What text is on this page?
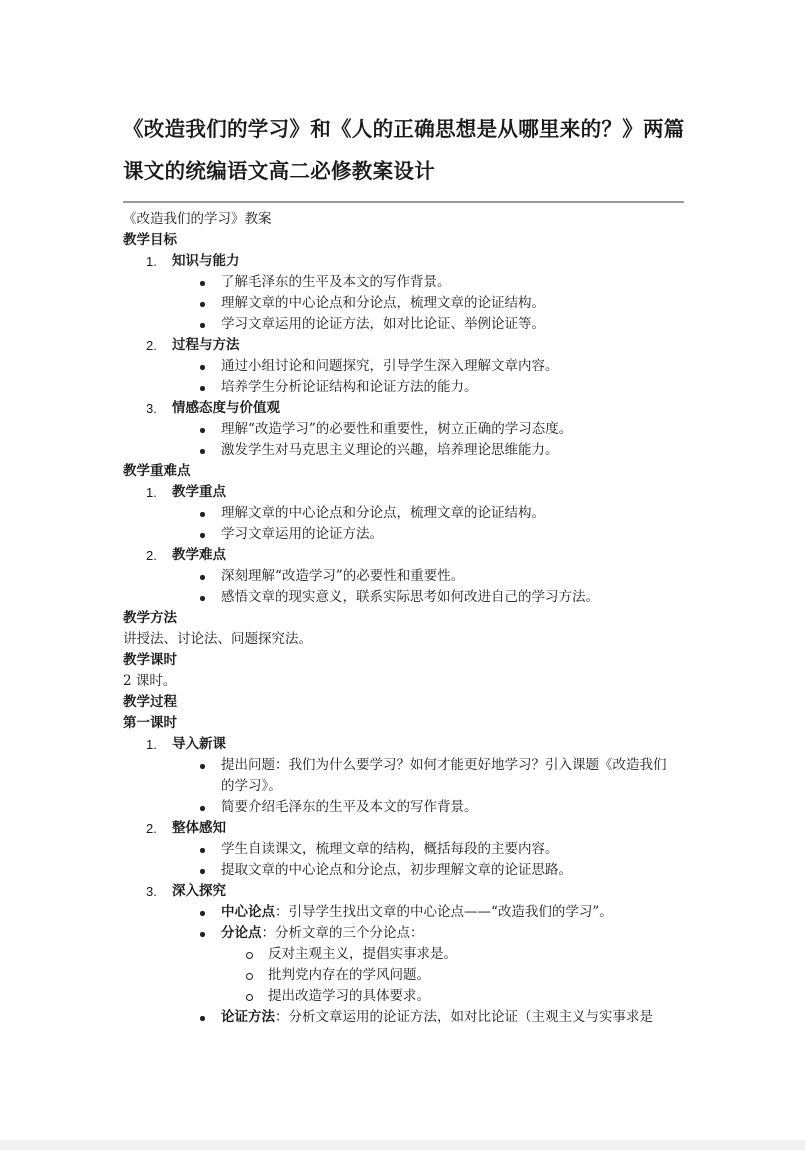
《改造我们的学习》和《人的正确思想是从哪里来的？》两篇课文的统编语文高二必修教案设计
《改造我们的学习》教案
教学目标
1. 知识与能力
了解毛泽东的生平及本文的写作背景。
理解文章的中心论点和分论点，梳理文章的论证结构。
学习文章运用的论证方法，如对比论证、举例论证等。
2. 过程与方法
通过小组讨论和问题探究，引导学生深入理解文章内容。
培养学生分析论证结构和论证方法的能力。
3. 情感态度与价值观
理解“改造学习”的必要性和重要性，树立正确的学习态度。
激发学生对马克思主义理论的兴趣，培养理论思维能力。
教学重难点
1. 教学重点
理解文章的中心论点和分论点，梳理文章的论证结构。
学习文章运用的论证方法。
2. 教学难点
深刻理解“改造学习”的必要性和重要性。
感悟文章的现实意义，联系实际思考如何改进自己的学习方法。
教学方法
讲授法、讨论法、问题探究法。
教学课时
2 课时。
教学过程
第一课时
1. 导入新课
提出问题：我们为什么要学习？如何才能更好地学习？引入课题《改造我们的学习》。
简要介绍毛泽东的生平及本文的写作背景。
2. 整体感知
学生自读课文，梳理文章的结构，概括每段的主要内容。
提取文章的中心论点和分论点，初步理解文章的论证思路。
3. 深入探究
中心论点：引导学生找出文章的中心论点——“改造我们的学习”。
分论点：分析文章的三个分论点：
反对主观主义，提倡实事求是。
批判党内存在的学风问题。
提出改造学习的具体要求。
论证方法：分析文章运用的论证方法，如对比论证（主观主义与实事求是
